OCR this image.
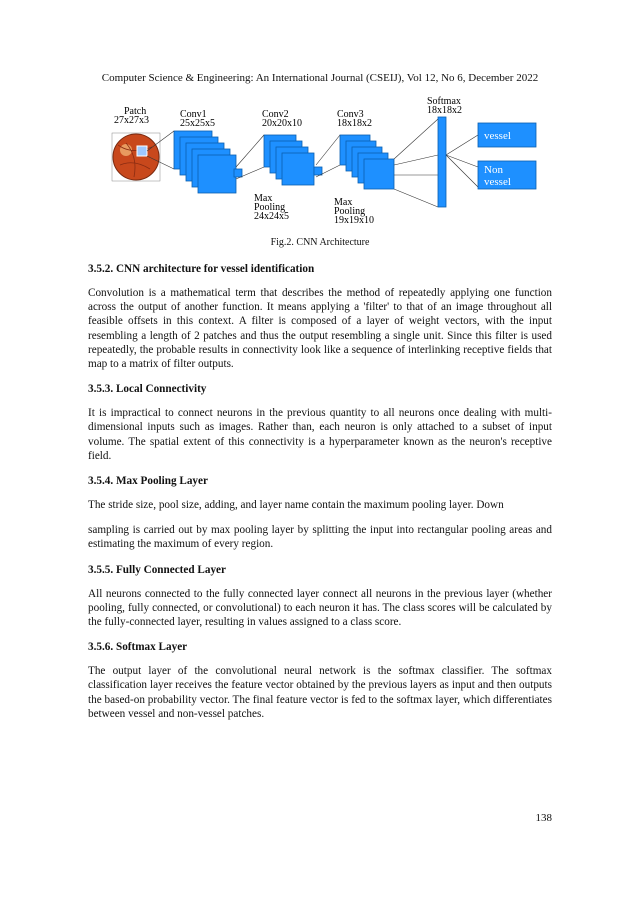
Computer Science & Engineering: An International Journal (CSEIJ), Vol 12, No 6, December 2022
Patch
27x27x3
Conv1
25x25x5
Conv2
20x20x10
Conv3
18x18x2
Softmax
18x18x2
vessel
Non
vessel
Max
Pooling
24x24x5
Max
Pooling
19x19x10
Fig.2. CNN Architecture
3.5.2. CNN architecture for vessel identification
Convolution is a mathematical term that describes the method of repeatedly applying one function across the output of another function. It means applying a 'filter' to that of an image throughout all feasible offsets in this context. A filter is composed of a layer of weight vectors, with the input resembling a length of 2 patches and thus the output resembling a single unit. Since this filter is used repeatedly, the probable results in connectivity look like a sequence of interlinking receptive fields that map to a matrix of filter outputs.
3.5.3. Local Connectivity
It is impractical to connect neurons in the previous quantity to all neurons once dealing with multi-dimensional inputs such as images. Rather than, each neuron is only attached to a subset of input volume. The spatial extent of this connectivity is a hyperparameter known as the neuron's receptive field.
3.5.4. Max Pooling Layer
The stride size, pool size, adding, and layer name contain the maximum pooling layer. Down
sampling is carried out by max pooling layer by splitting the input into rectangular pooling areas and estimating the maximum of every region.
3.5.5. Fully Connected Layer
All neurons connected to the fully connected layer connect all neurons in the previous layer (whether pooling, fully connected, or convolutional) to each neuron it has. The class scores will be calculated by the fully-connected layer, resulting in values assigned to a class score.
3.5.6. Softmax Layer
The output layer of the convolutional neural network is the softmax classifier. The softmax classification layer receives the feature vector obtained by the previous layers as input and then outputs the based-on probability vector. The final feature vector is fed to the softmax layer, which differentiates between vessel and non-vessel patches.
138
